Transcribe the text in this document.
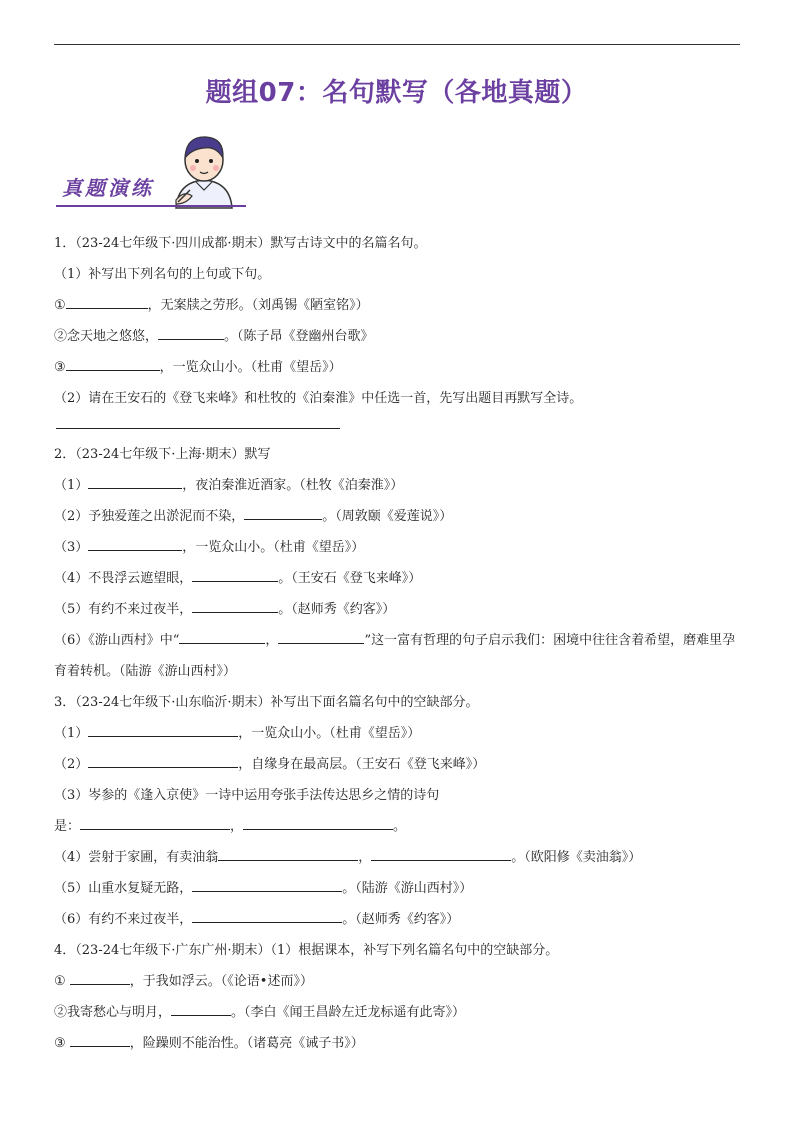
题组07：名句默写（各地真题）
真题演练
1．（23-24七年级下·四川成都·期末）默写古诗文中的名篇名句。
（1）补写出下列名句的上句或下句。
①	，无案牍之劳形。（刘禹锡《陋室铭》）
②念天地之悠悠，	。（陈子昂《登幽州台歌》
③	，一览众山小。（杜甫《望岳》）
（2）请在王安石的《登飞来峰》和杜牧的《泊秦淮》中任选一首，先写出题目再默写全诗。
2．（23-24七年级下·上海·期末）默写
（1）	，夜泊秦淮近酒家。（杜牧《泊秦淮》）
（2）予独爱莲之出淤泥而不染，	。（周敦颐《爱莲说》）
（3）	，一览众山小。（杜甫《望岳》）
（4）不畏浮云遮望眼，	。（王安石《登飞来峰》）
（5）有约不来过夜半，	。（赵师秀《约客》）
（6）《游山西村》中“	，	”这一富有哲理的句子启示我们：困境中往往含着希望，磨难里孕育着转机。（陆游《游山西村》）
3．（23-24七年级下·山东临沂·期末）补写出下面名篇名句中的空缺部分。
（1）	，一览众山小。（杜甫《望岳》）
（2）	，自缘身在最高层。（王安石《登飞来峰》）
（3）岑参的《逢入京使》一诗中运用夸张手法传达思乡之情的诗句
是：	，	。
（4）尝射于家圃，有卖油翁	，	。（欧阳修《卖油翁》）
（5）山重水复疑无路，	。（陆游《游山西村》）
（6）有约不来过夜半，	。（赵师秀《约客》）
4．（23-24七年级下·广东广州·期末）（1）根据课本，补写下列名篇名句中的空缺部分。
①	，于我如浮云。（《论语•述而》）
②我寄愁心与明月，	。（李白《闻王昌龄左迁龙标遥有此寄》）
③	，险躁则不能治性。（诸葛亮《诫子书》）
